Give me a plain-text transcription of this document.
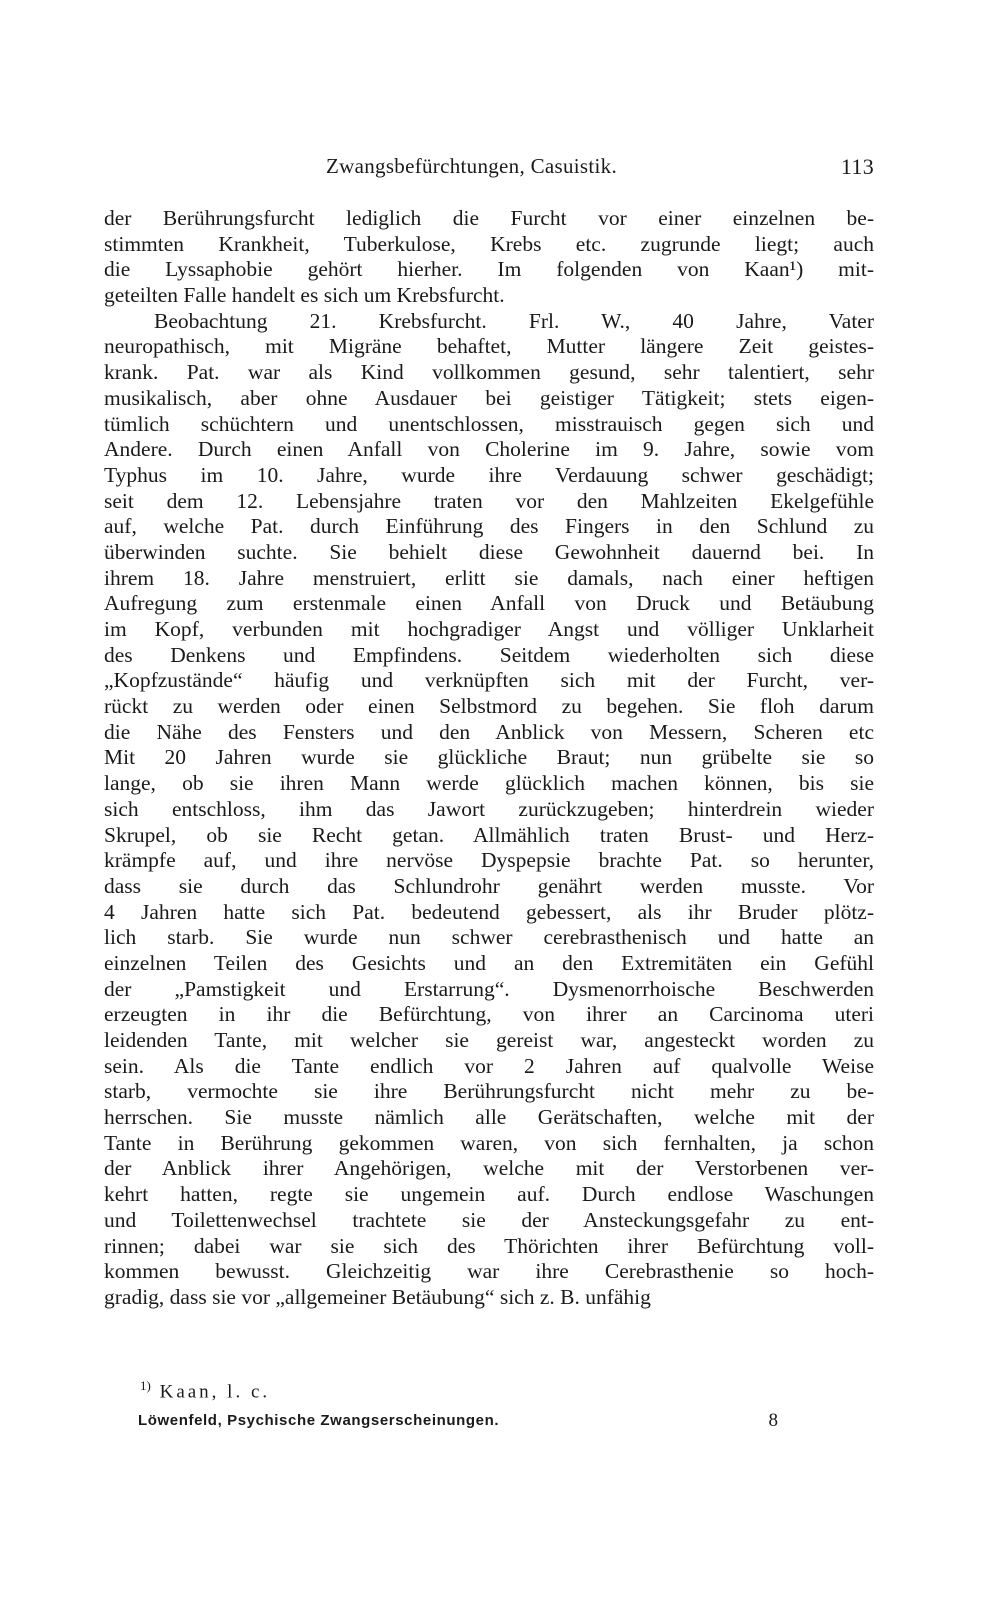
Zwangsbefürchtungen, Casuistik.	113
der Berührungsfurcht lediglich die Furcht vor einer einzelnen be-
stimmten Krankheit, Tuberkulose, Krebs etc. zugrunde liegt; auch
die Lyssaphobie gehört hierher. Im folgenden von Kaan¹) mit-
geteilten Falle handelt es sich um Krebsfurcht.
Beobachtung 21. Krebsfurcht. Frl. W., 40 Jahre, Vater
neuropathisch, mit Migräne behaftet, Mutter längere Zeit geistes-
krank. Pat. war als Kind vollkommen gesund, sehr talentiert, sehr
musikalisch, aber ohne Ausdauer bei geistiger Tätigkeit; stets eigen-
tümlich schüchtern und unentschlossen, misstrauisch gegen sich und
Andere. Durch einen Anfall von Cholerine im 9. Jahre, sowie vom
Typhus im 10. Jahre, wurde ihre Verdauung schwer geschädigt;
seit dem 12. Lebensjahre traten vor den Mahlzeiten Ekelgefühle
auf, welche Pat. durch Einführung des Fingers in den Schlund zu
überwinden suchte. Sie behielt diese Gewohnheit dauernd bei. In
ihrem 18. Jahre menstruiert, erlitt sie damals, nach einer heftigen
Aufregung zum erstenmale einen Anfall von Druck und Betäubung
im Kopf, verbunden mit hochgradiger Angst und völliger Unklarheit
des Denkens und Empfindens. Seitdem wiederholten sich diese
„Kopfzustände“ häufig und verknüpften sich mit der Furcht, ver-
rückt zu werden oder einen Selbstmord zu begehen. Sie floh darum
die Nähe des Fensters und den Anblick von Messern, Scheren etc
Mit 20 Jahren wurde sie glückliche Braut; nun grübelte sie so
lange, ob sie ihren Mann werde glücklich machen können, bis sie
sich entschloss, ihm das Jawort zurückzugeben; hinterdrein wieder
Skrupel, ob sie Recht getan. Allmählich traten Brust- und Herz-
krämpfe auf, und ihre nervöse Dyspepsie brachte Pat. so herunter,
dass sie durch das Schlundrohr genährt werden musste. Vor
4 Jahren hatte sich Pat. bedeutend gebessert, als ihr Bruder plötz-
lich starb. Sie wurde nun schwer cerebrasthenisch und hatte an
einzelnen Teilen des Gesichts und an den Extremitäten ein Gefühl
der „Pamstigkeit und Erstarrung“. Dysmenorrhoische Beschwerden
erzeugten in ihr die Befürchtung, von ihrer an Carcinoma uteri
leidenden Tante, mit welcher sie gereist war, angesteckt worden zu
sein. Als die Tante endlich vor 2 Jahren auf qualvolle Weise
starb, vermochte sie ihre Berührungsfurcht nicht mehr zu be-
herrschen. Sie musste nämlich alle Gerätschaften, welche mit der
Tante in Berührung gekommen waren, von sich fernhalten, ja schon
der Anblick ihrer Angehörigen, welche mit der Verstorbenen ver-
kehrt hatten, regte sie ungemein auf. Durch endlose Waschungen
und Toilettenwechsel trachtete sie der Ansteckungsgefahr zu ent-
rinnen; dabei war sie sich des Thörichten ihrer Befürchtung voll-
kommen bewusst. Gleichzeitig war ihre Cerebrasthenie so hoch-
gradig, dass sie vor „allgemeiner Betäubung“ sich z. B. unfähig
$^{1)}$ Kaan, l. c.
Löwenfeld, Psychische Zwangserscheinungen.	8
